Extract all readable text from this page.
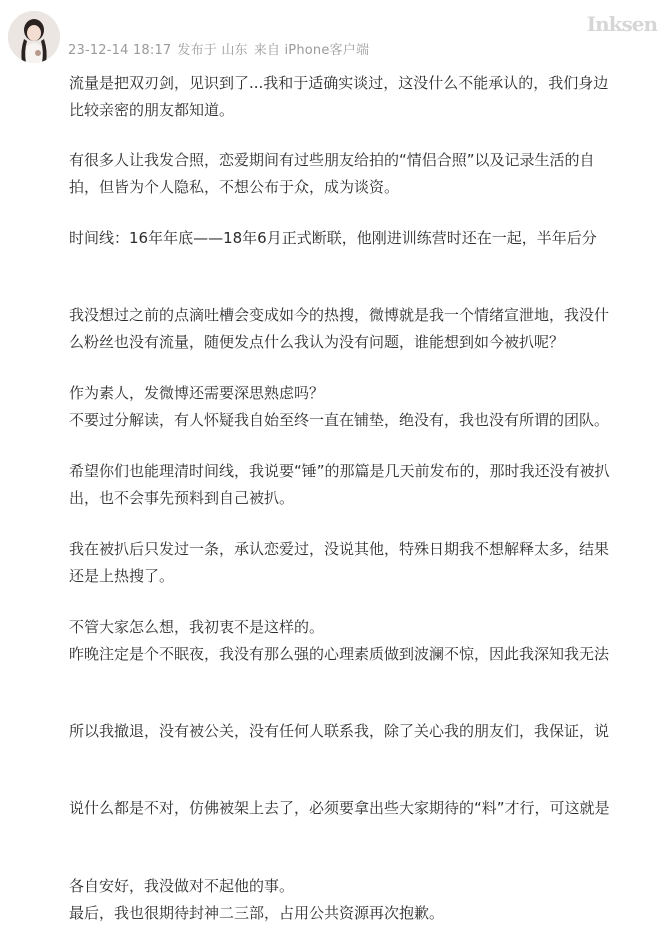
23-12-14 18:17 发布于 山东 来自 iPhone客户端
Inksen
流量是把双刃剑，见识到了...我和于适确实谈过，这没什么不能承认的，我们身边
比较亲密的朋友都知道。
有很多人让我发合照，恋爱期间有过些朋友给拍的“情侣合照”以及记录生活的自
拍，但皆为个人隐私，不想公布于众，成为谈资。
时间线：16年年底——18年6月正式断联，他刚进训练营时还在一起，半年后分
我没想过之前的点滴吐槽会变成如今的热搜，微博就是我一个情绪宣泄地，我没什
么粉丝也没有流量，随便发点什么我认为没有问题，谁能想到如今被扒呢？
作为素人，发微博还需要深思熟虑吗？
不要过分解读，有人怀疑我自始至终一直在铺垫，绝没有，我也没有所谓的团队。
希望你们也能理清时间线，我说要“锤”的那篇是几天前发布的，那时我还没有被扒
出，也不会事先预料到自己被扒。
我在被扒后只发过一条，承认恋爱过，没说其他，特殊日期我不想解释太多，结果
还是上热搜了。
不管大家怎么想，我初衷不是这样的。
昨晚注定是个不眠夜，我没有那么强的心理素质做到波澜不惊，因此我深知我无法
所以我撤退，没有被公关，没有任何人联系我，除了关心我的朋友们，我保证，说
说什么都是不对，仿佛被架上去了，必须要拿出些大家期待的“料”才行，可这就是
各自安好，我没做对不起他的事。
最后，我也很期待封神二三部，占用公共资源再次抱歉。
